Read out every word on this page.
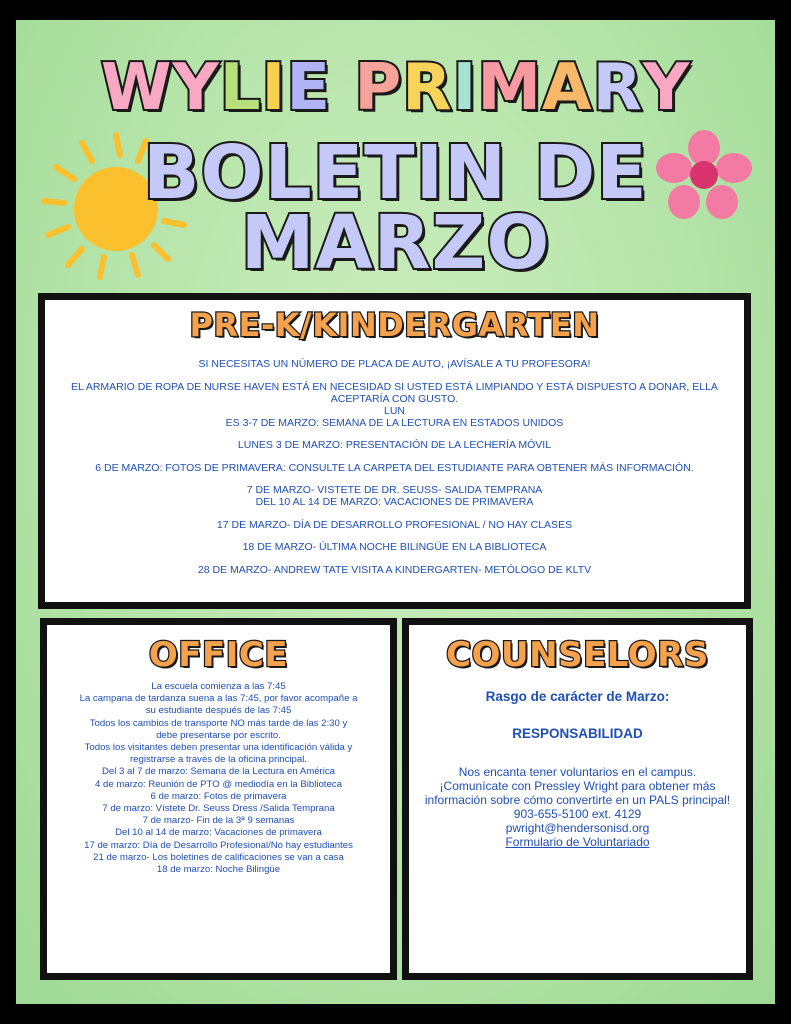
WYLIE PRIMARY
BOLETIN DE
MARZO
PRE-K/KINDERGARTEN

SI NECESITAS UN NÚMERO DE PLACA DE AUTO, ¡AVÍSALE A TU PROFESORA!

EL ARMARIO DE ROPA DE NURSE HAVEN ESTÁ EN NECESIDAD SI USTED ESTÁ LIMPIANDO Y ESTÁ DISPUESTO A DONAR, ELLA ACEPTARÍA CON GUSTO.
LUN
ES 3-7 DE MARZO: SEMANA DE LA LECTURA EN ESTADOS UNIDOS

LUNES 3 DE MARZO: PRESENTACIÓN DE LA LECHERÍA MÓVIL

6 DE MARZO: FOTOS DE PRIMAVERA: CONSULTE LA CARPETA DEL ESTUDIANTE PARA OBTENER MÁS INFORMACIÓN.

7 DE MARZO- VISTETE DE DR. SEUSS- SALIDA TEMPRANA
DEL 10 AL 14 DE MARZO: VACACIONES DE PRIMAVERA

17 DE MARZO- DÍA DE DESARROLLO PROFESIONAL / NO HAY CLASES

18 DE MARZO- ÚLTIMA NOCHE BILINGÜE EN LA BIBLIOTECA

28 DE MARZO- ANDREW TATE VISITA A KINDERGARTEN- METÓLOGO DE KLTV

OFFICE
La escuela comienza a las 7:45
La campana de tardanza suena a las 7:45, por favor acompañe a su estudiante después de las 7:45
Todos los cambios de transporte NO más tarde de las 2:30 y
debe presentarse por escrito.
Todos los visitantes deben presentar una identificación válida y registrarse a través de la oficina principal.
Del 3 al 7 de marzo: Semana de la Lectura en América
4 de marzo: Reunión de PTO @ mediodía en la Biblioteca
6 de marzo: Fotos de primavera
7 de marzo: Vístete Dr. Seuss Dress /Salida Temprana
7 de marzo- Fin de la 3ª 9 semanas
Del 10 al 14 de marzo: Vacaciones de primavera
17 de marzo: Día de Desarrollo Profesional/No hay estudiantes
21 de marzo- Los boletines de calificaciones se van a casa
18 de marzo: Noche Bilingüe
COUNSELORS
Rasgo de carácter de Marzo:
RESPONSABILIDAD
Nos encanta tener voluntarios en el campus. ¡Comunícate con Pressley Wright para obtener más información sobre cómo convertirte en un PALS principal!
903-655-5100 ext. 4129
pwright@hendersonisd.org
Formulario de Voluntariado
